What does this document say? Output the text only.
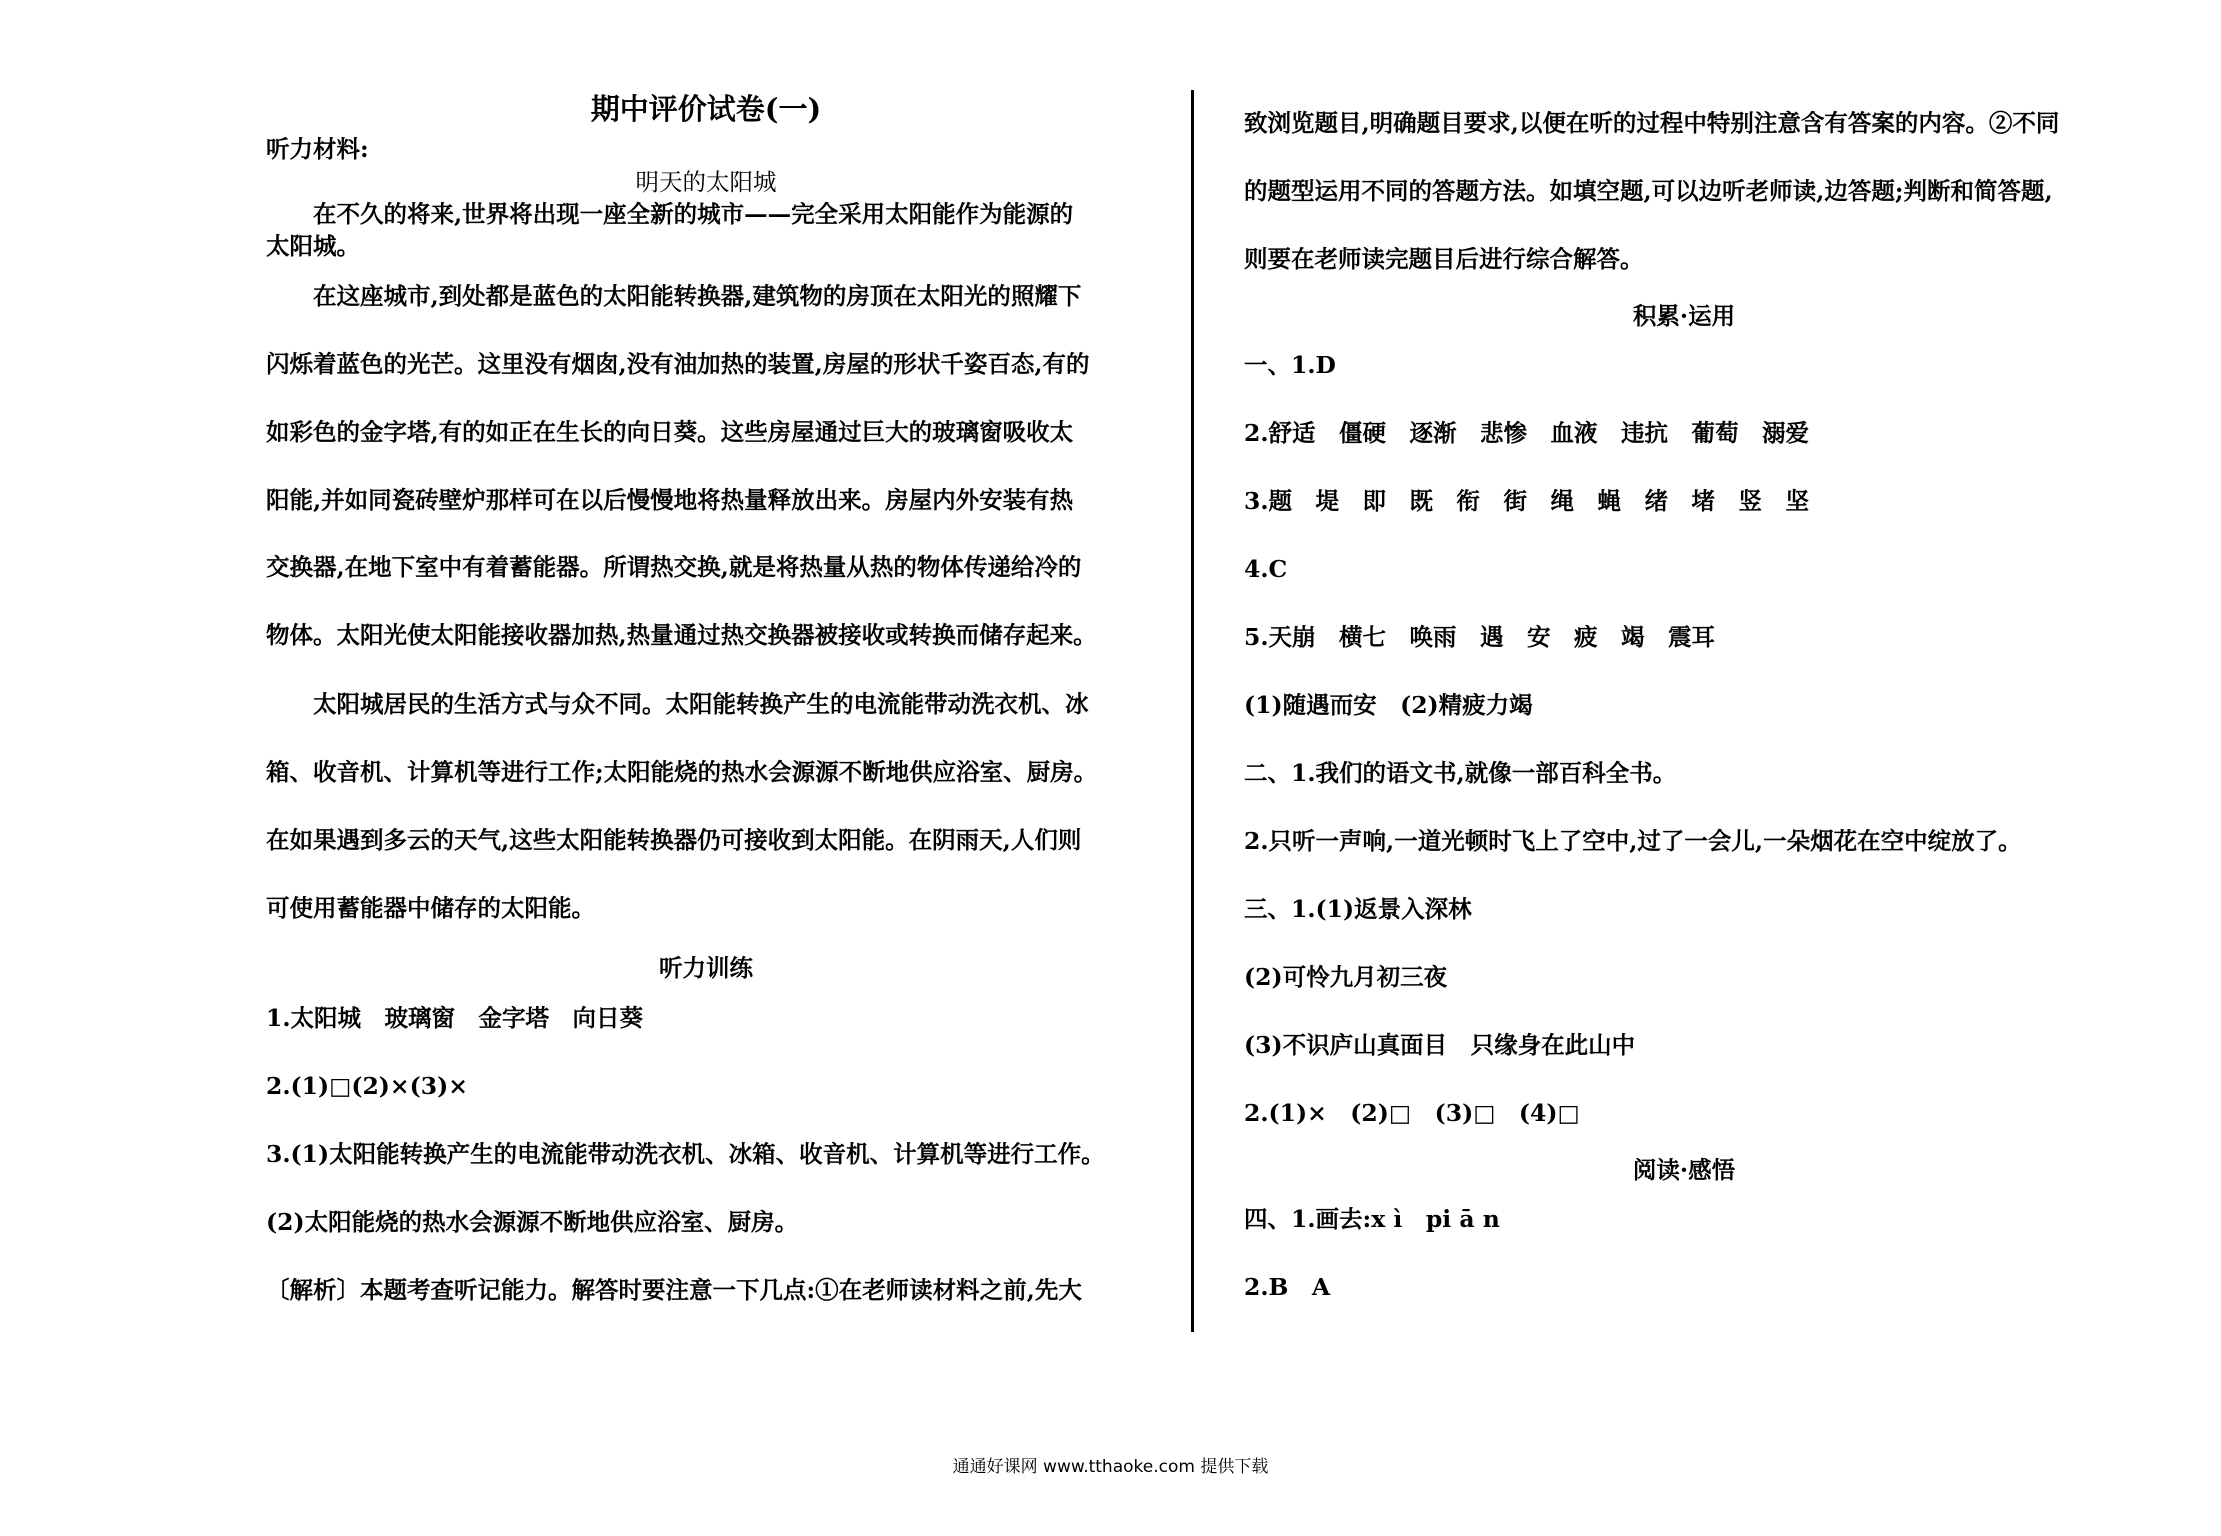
期中评价试卷(一)
听力材料:
明天的太阳城
　　在不久的将来,世界将出现一座全新的城市——完全采用太阳能作为能源的
太阳城。
　　在这座城市,到处都是蓝色的太阳能转换器,建筑物的房顶在太阳光的照耀下
闪烁着蓝色的光芒。这里没有烟囱,没有油加热的装置,房屋的形状千姿百态,有的
如彩色的金字塔,有的如正在生长的向日葵。这些房屋通过巨大的玻璃窗吸收太
阳能,并如同瓷砖壁炉那样可在以后慢慢地将热量释放出来。房屋内外安装有热
交换器,在地下室中有着蓄能器。所谓热交换,就是将热量从热的物体传递给冷的
物体。太阳光使太阳能接收器加热,热量通过热交换器被接收或转换而储存起来。
　　太阳城居民的生活方式与众不同。太阳能转换产生的电流能带动洗衣机、冰
箱、收音机、计算机等进行工作;太阳能烧的热水会源源不断地供应浴室、厨房。
在如果遇到多云的天气,这些太阳能转换器仍可接收到太阳能。在阴雨天,人们则
可使用蓄能器中储存的太阳能。
听力训练
1.太阳城　玻璃窗　金字塔　向日葵
2.(1)□(2)×(3)×
3.(1)太阳能转换产生的电流能带动洗衣机、冰箱、收音机、计算机等进行工作。
(2)太阳能烧的热水会源源不断地供应浴室、厨房。
〔解析〕本题考查听记能力。解答时要注意一下几点:①在老师读材料之前,先大
致浏览题目,明确题目要求,以便在听的过程中特别注意含有答案的内容。②不同
的题型运用不同的答题方法。如填空题,可以边听老师读,边答题;判断和简答题,
则要在老师读完题目后进行综合解答。
积累·运用
一、1.D
2.舒适　僵硬　逐渐　悲惨　血液　违抗　葡萄　溺爱
3.题　堤　即　既　衔　街　绳　蝇　绪　堵　竖　坚
4.C
5.天崩　横七　唤雨　遇　安　疲　竭　震耳
(1)随遇而安　(2)精疲力竭
二、1.我们的语文书,就像一部百科全书。
2.只听一声响,一道光顿时飞上了空中,过了一会儿,一朵烟花在空中绽放了。
三、1.(1)返景入深林
(2)可怜九月初三夜
(3)不识庐山真面目　只缘身在此山中
2.(1)×　(2)□　(3)□　(4)□
阅读·感悟
四、1.画去:x ì　pi ā n
2.B　A
通通好课网 www.tthaoke.com 提供下载
